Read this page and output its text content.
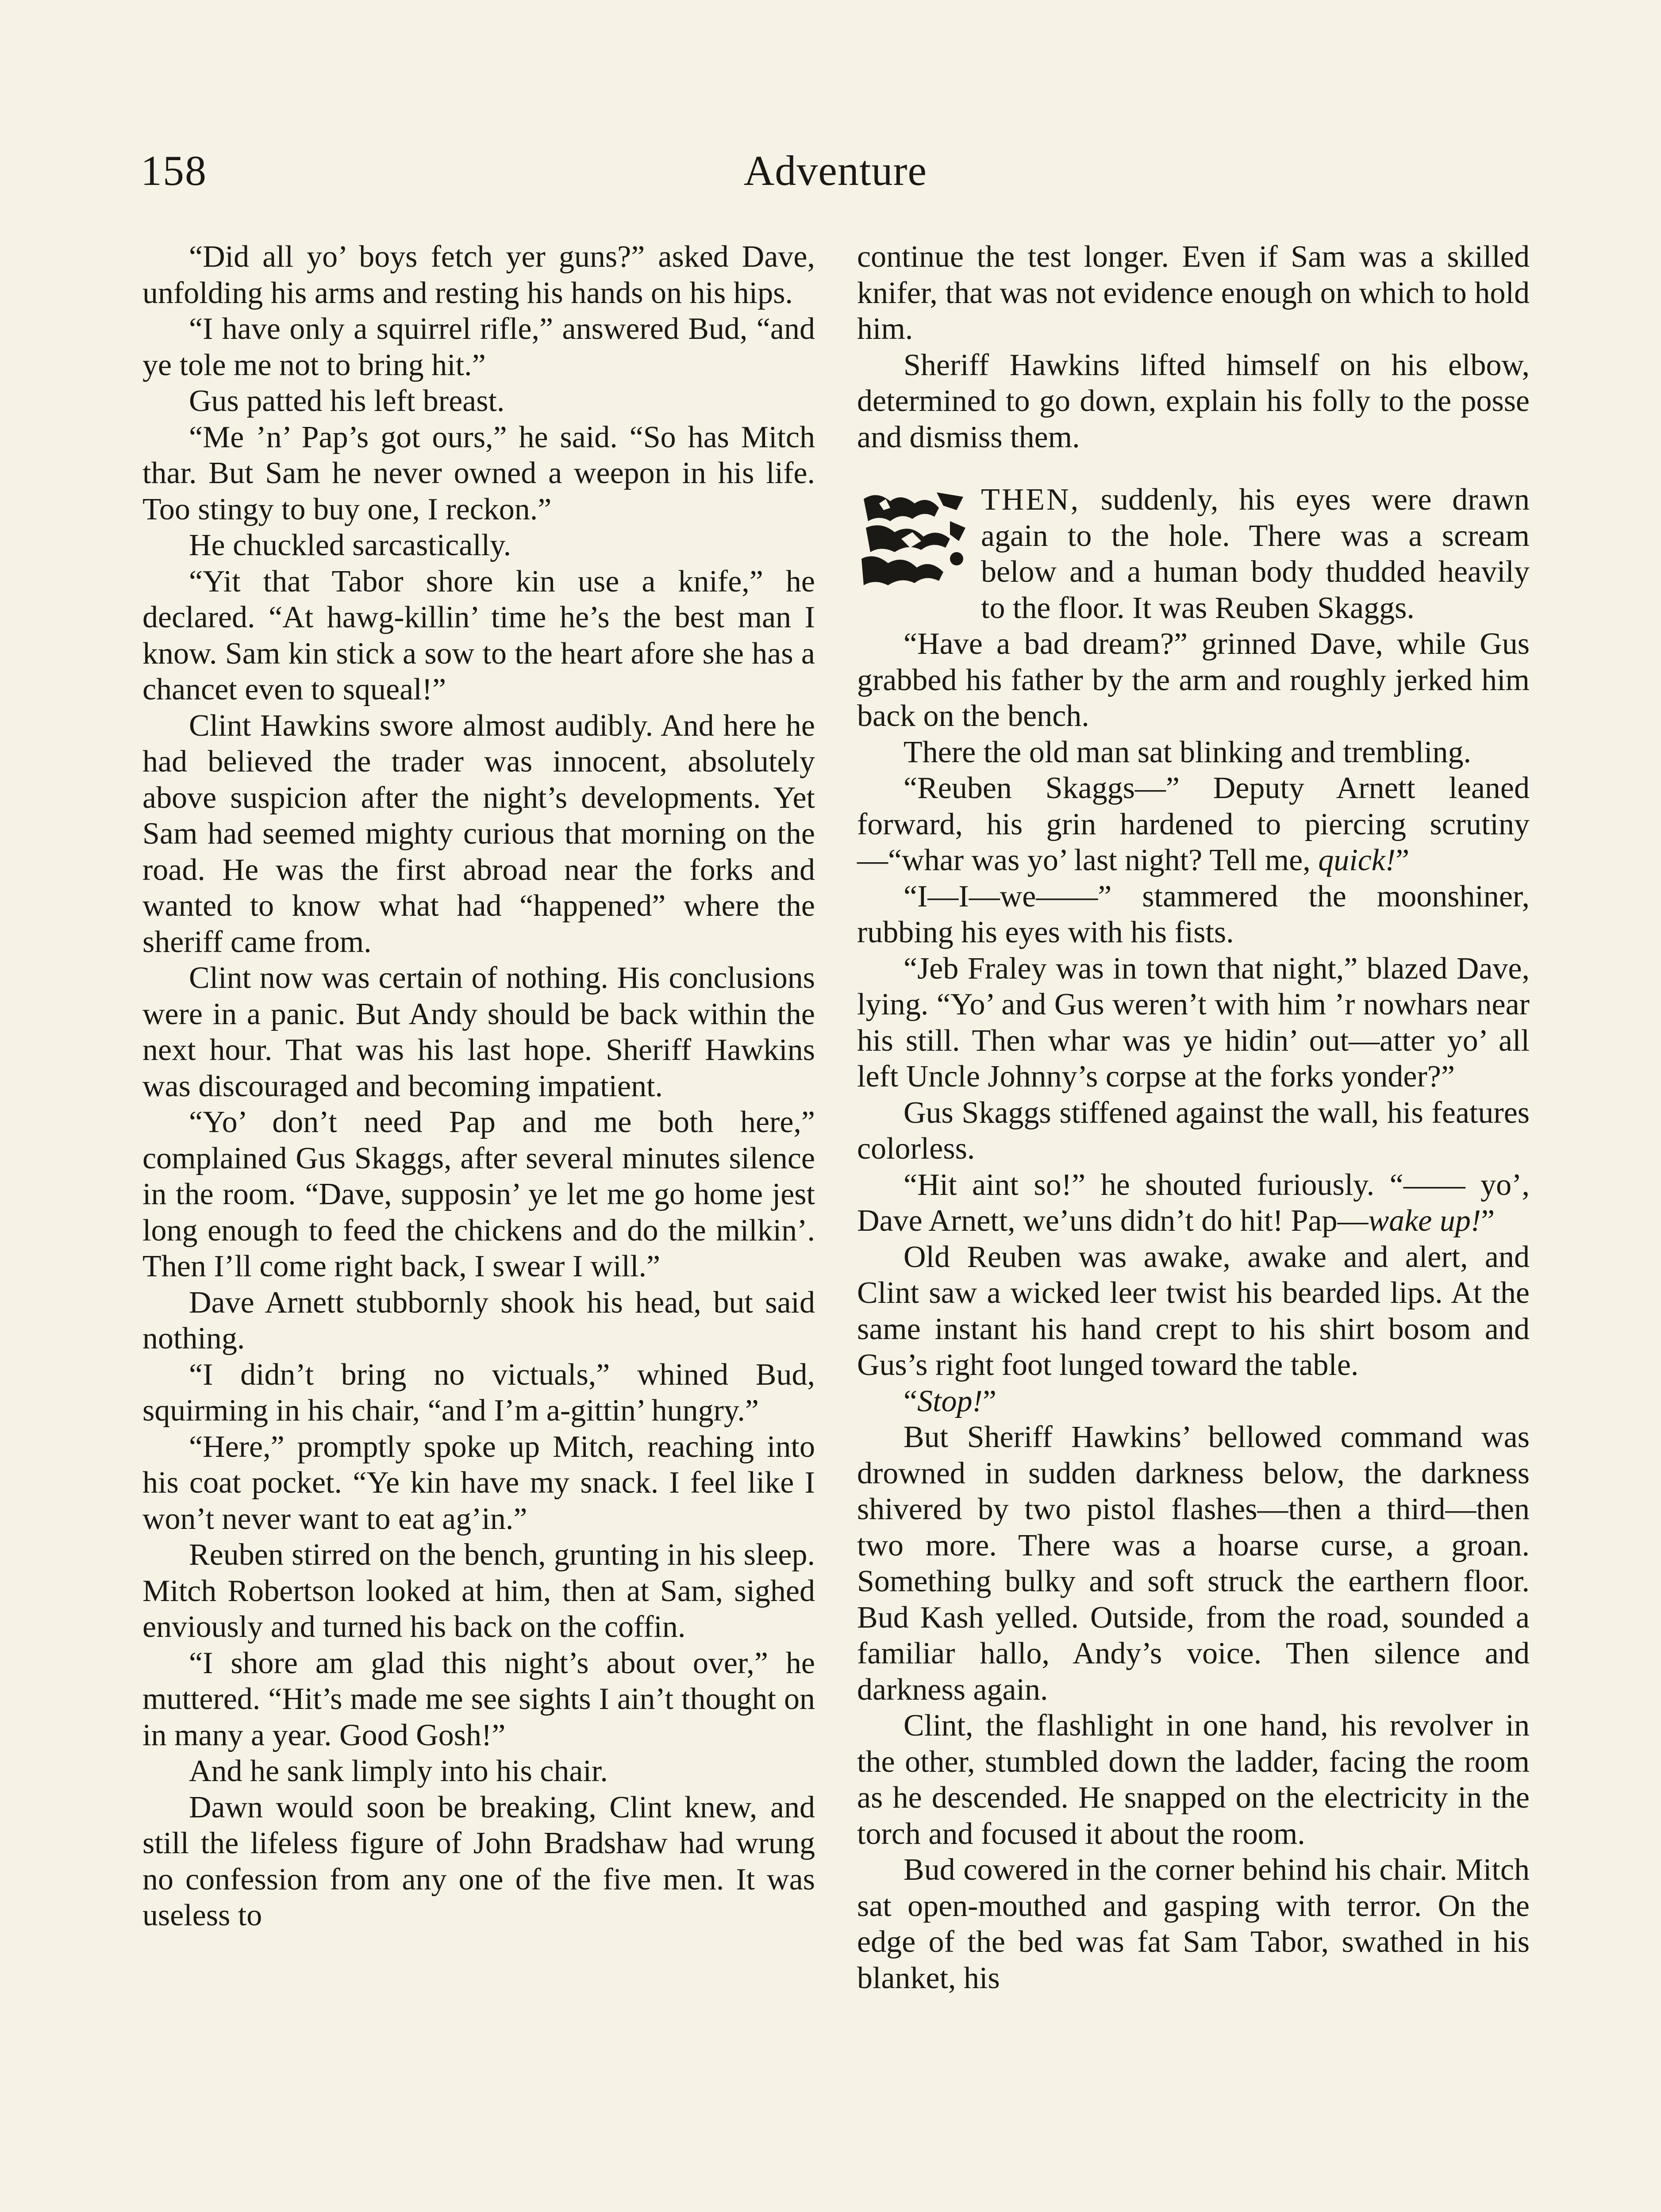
158	Adventure

“Did all yo’ boys fetch yer guns?” asked Dave, unfolding his arms and resting his hands on his hips.

“I have only a squirrel rifle,” answered Bud, “and ye tole me not to bring hit.”

Gus patted his left breast.

“Me ’n’ Pap’s got ours,” he said. “So has Mitch thar. But Sam he never owned a weepon in his life. Too stingy to buy one, I reckon.”

He chuckled sarcastically.

“Yit that Tabor shore kin use a knife,” he declared. “At hawg-killin’ time he’s the best man I know. Sam kin stick a sow to the heart afore she has a chancet even to squeal!”

Clint Hawkins swore almost audibly. And here he had believed the trader was innocent, absolutely above suspicion after the night’s developments. Yet Sam had seemed mighty curious that morning on the road. He was the first abroad near the forks and wanted to know what had “happened” where the sheriff came from.

Clint now was certain of nothing. His conclusions were in a panic. But Andy should be back within the next hour. That was his last hope. Sheriff Hawkins was discouraged and becoming impatient.

“Yo’ don’t need Pap and me both here,” complained Gus Skaggs, after several minutes silence in the room. “Dave, supposin’ ye let me go home jest long enough to feed the chickens and do the milkin’. Then I’ll come right back, I swear I will.”

Dave Arnett stubbornly shook his head, but said nothing.

“I didn’t bring no victuals,” whined Bud, squirming in his chair, “and I’m a-gittin’ hungry.”

“Here,” promptly spoke up Mitch, reaching into his coat pocket. “Ye kin have my snack. I feel like I won’t never want to eat ag’in.”

Reuben stirred on the bench, grunting in his sleep. Mitch Robertson looked at him, then at Sam, sighed enviously and turned his back on the coffin.

“I shore am glad this night’s about over,” he muttered. “Hit’s made me see sights I ain’t thought on in many a year. Good Gosh!”

And he sank limply into his chair.

Dawn would soon be breaking, Clint knew, and still the lifeless figure of John Bradshaw had wrung no confession from any one of the five men. It was useless to

continue the test longer. Even if Sam was a skilled knifer, that was not evidence enough on which to hold him.

Sheriff Hawkins lifted himself on his elbow, determined to go down, explain his folly to the posse and dismiss them.

THEN, suddenly, his eyes were drawn again to the hole. There was a scream below and a human body thudded heavily to the floor. It was Reuben Skaggs.

“Have a bad dream?” grinned Dave, while Gus grabbed his father by the arm and roughly jerked him back on the bench.

There the old man sat blinking and trembling.

“Reuben Skaggs—” Deputy Arnett leaned forward, his grin hardened to piercing scrutiny—“whar was yo’ last night? Tell me, quick!”

“I—I—we——” stammered the moonshiner, rubbing his eyes with his fists.

“Jeb Fraley was in town that night,” blazed Dave, lying. “Yo’ and Gus weren’t with him ’r nowhars near his still. Then whar was ye hidin’ out—atter yo’ all left Uncle Johnny’s corpse at the forks yonder?”

Gus Skaggs stiffened against the wall, his features colorless.

“Hit aint so!” he shouted furiously. “—— yo’, Dave Arnett, we’uns didn’t do hit! Pap—wake up!”

Old Reuben was awake, awake and alert, and Clint saw a wicked leer twist his bearded lips. At the same instant his hand crept to his shirt bosom and Gus’s right foot lunged toward the table.

“Stop!”

But Sheriff Hawkins’ bellowed command was drowned in sudden darkness below, the darkness shivered by two pistol flashes—then a third—then two more. There was a hoarse curse, a groan. Something bulky and soft struck the earthern floor. Bud Kash yelled. Outside, from the road, sounded a familiar hallo, Andy’s voice. Then silence and darkness again.

Clint, the flashlight in one hand, his revolver in the other, stumbled down the ladder, facing the room as he descended. He snapped on the electricity in the torch and focused it about the room.

Bud cowered in the corner behind his chair. Mitch sat open-mouthed and gasping with terror. On the edge of the bed was fat Sam Tabor, swathed in his blanket, his
